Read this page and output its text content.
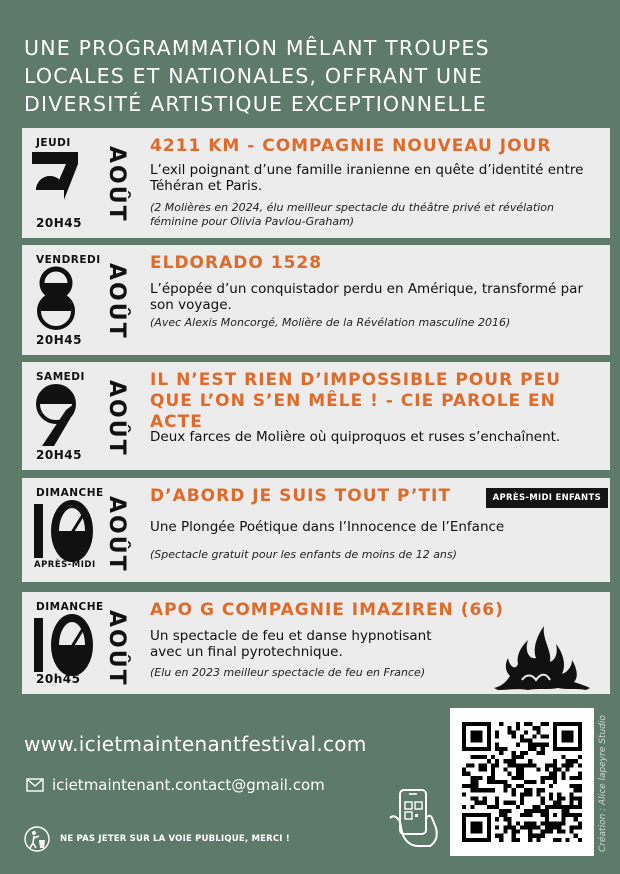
UNE PROGRAMMATION MÊLANT TROUPES LOCALES ET NATIONALES, OFFRANT UNE DIVERSITÉ ARTISTIQUE EXCEPTIONNELLE
JEUDI
AOÛT
20H45
4211 KM - COMPAGNIE NOUVEAU JOUR
L’exil poignant d’une famille iranienne en quête d’identité entre Téhéran et Paris.
(2 Molières en 2024, élu meilleur spectacle du théâtre privé et révélation féminine pour Olivia Pavlou-Graham)
VENDREDI
AOÛT
20H45
ELDORADO 1528
L’épopée d’un conquistador perdu en Amérique, transformé par son voyage.
(Avec Alexis Moncorgé, Molière de la Révélation masculine 2016)
SAMEDI
AOÛT
20H45
IL N’EST RIEN D’IMPOSSIBLE POUR PEU
QUE L’ON S’EN MÊLE ! - CIE PAROLE EN ACTE
Deux farces de Molière où quiproquos et ruses s’enchaînent.
DIMANCHE
AOÛT
APRÈS-MIDI
D’ABORD JE SUIS TOUT P’TIT	APRÈS-MIDI ENFANTS
Une Plongée Poétique dans l’Innocence de l’Enfance
(Spectacle gratuit pour les enfants de moins de 12 ans)
DIMANCHE
AOÛT
20h45
APO G COMPAGNIE IMAZIREN (66)
Un spectacle de feu et danse hypnotisant avec un final pyrotechnique.
(Elu en 2023 meilleur spectacle de feu en France)
www.icietmaintenantfestival.com
icietmaintenant.contact@gmail.com
NE PAS JETER SUR LA VOIE PUBLIQUE, MERCI !	Création : Alice lapeyre Studio
